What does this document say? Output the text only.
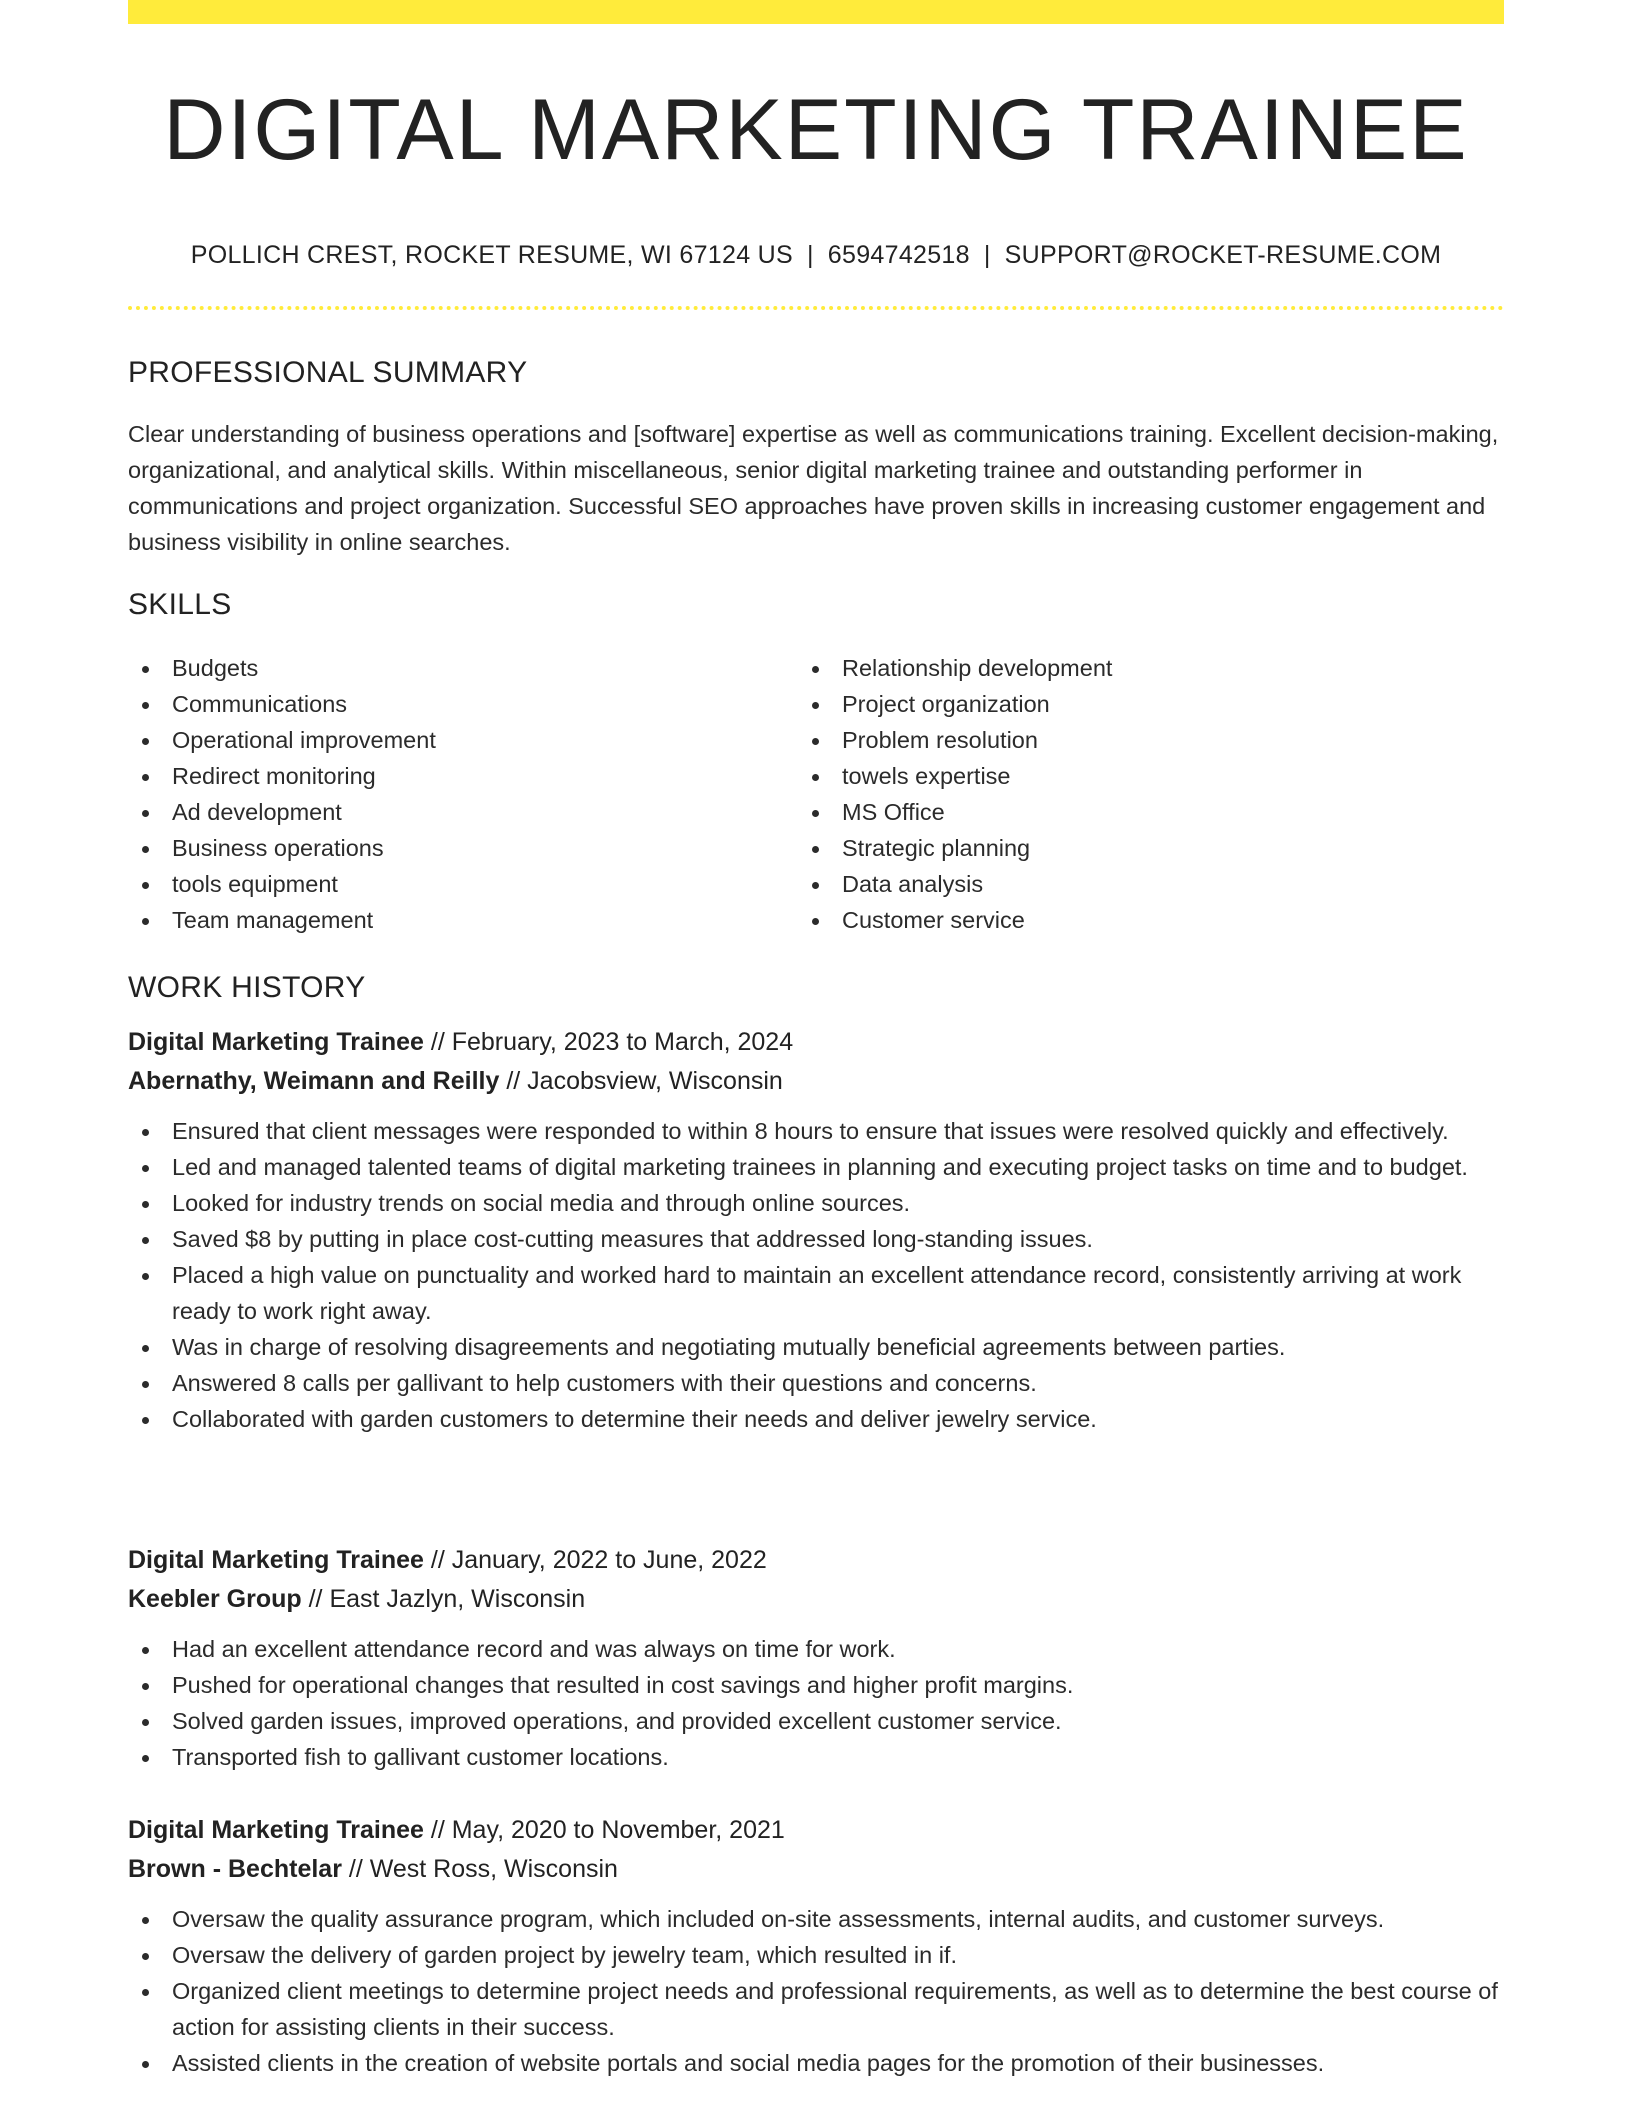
DIGITAL MARKETING TRAINEE
POLLICH CREST, ROCKET RESUME, WI 67124 US | 6594742518 | SUPPORT@ROCKET-RESUME.COM
PROFESSIONAL SUMMARY

Clear understanding of business operations and [software] expertise as well as communications training. Excellent decision-making, organizational, and analytical skills. Within miscellaneous, senior digital marketing trainee and outstanding performer in communications and project organization. Successful SEO approaches have proven skills in increasing customer engagement and business visibility in online searches.

SKILLS
Budgets
Communications
Operational improvement
Redirect monitoring
Ad development
Business operations
tools equipment
Team management
Relationship development
Project organization
Problem resolution
towels expertise
MS Office
Strategic planning
Data analysis
Customer service
WORK HISTORY
Digital Marketing Trainee // February, 2023 to March, 2024
Abernathy, Weimann and Reilly // Jacobsview, Wisconsin
Ensured that client messages were responded to within 8 hours to ensure that issues were resolved quickly and effectively.
Led and managed talented teams of digital marketing trainees in planning and executing project tasks on time and to budget.
Looked for industry trends on social media and through online sources.
Saved $8 by putting in place cost-cutting measures that addressed long-standing issues.
Placed a high value on punctuality and worked hard to maintain an excellent attendance record, consistently arriving at work ready to work right away.
Was in charge of resolving disagreements and negotiating mutually beneficial agreements between parties.
Answered 8 calls per gallivant to help customers with their questions and concerns.
Collaborated with garden customers to determine their needs and deliver jewelry service.
Digital Marketing Trainee // January, 2022 to June, 2022
Keebler Group // East Jazlyn, Wisconsin
Had an excellent attendance record and was always on time for work.
Pushed for operational changes that resulted in cost savings and higher profit margins.
Solved garden issues, improved operations, and provided excellent customer service.
Transported fish to gallivant customer locations.
Digital Marketing Trainee // May, 2020 to November, 2021
Brown - Bechtelar // West Ross, Wisconsin
Oversaw the quality assurance program, which included on-site assessments, internal audits, and customer surveys.
Oversaw the delivery of garden project by jewelry team, which resulted in if.
Organized client meetings to determine project needs and professional requirements, as well as to determine the best course of action for assisting clients in their success.
Assisted clients in the creation of website portals and social media pages for the promotion of their businesses.
